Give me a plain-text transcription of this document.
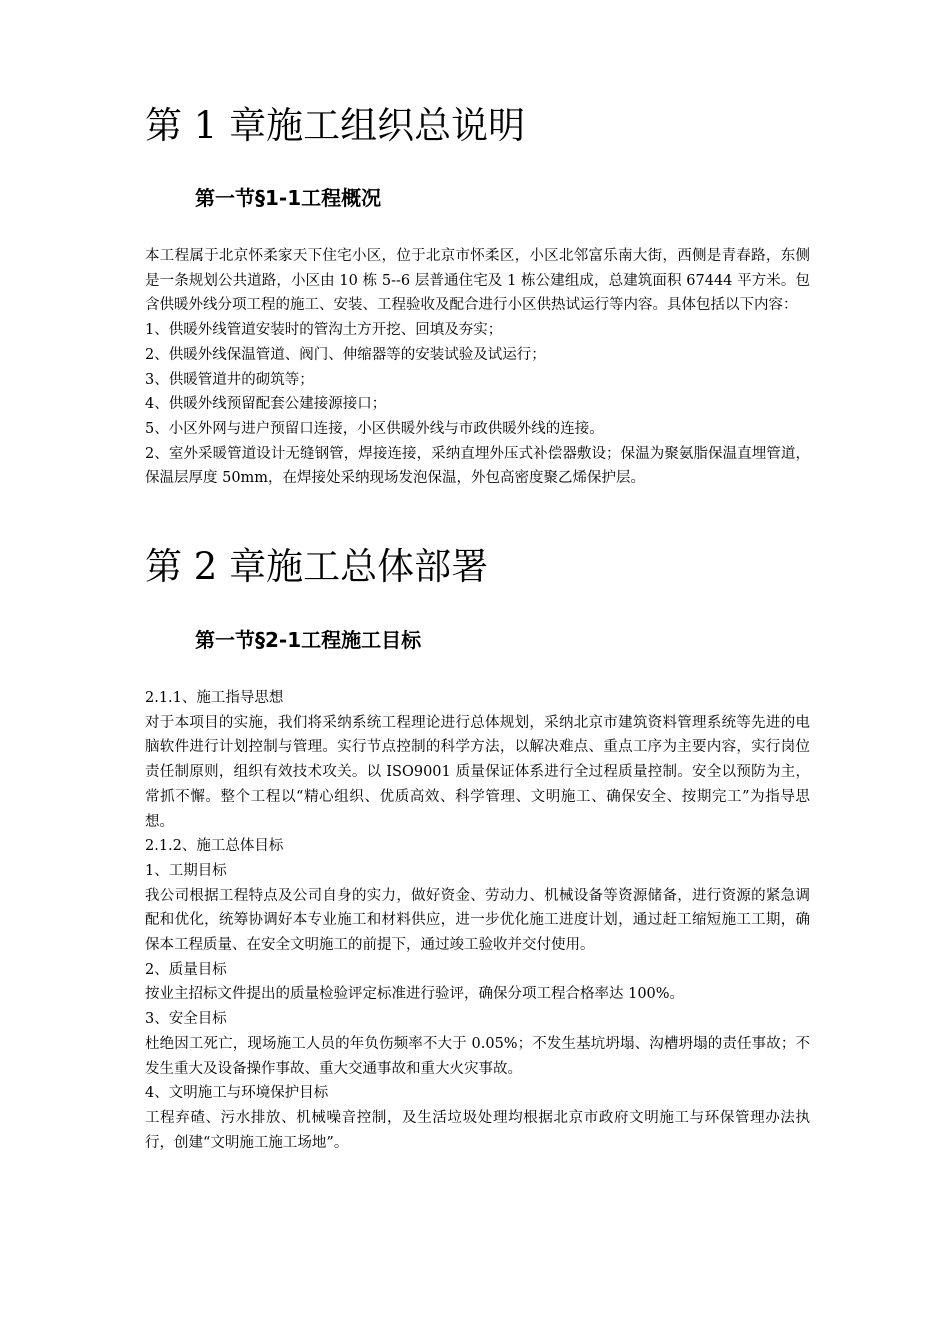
第 1 章施工组织总说明
第一节§1-1工程概况

本工程属于北京怀柔家天下住宅小区，位于北京市怀柔区，小区北邻富乐南大街，西侧是青春路，东侧是一条规划公共道路，小区由 10 栋 5--6 层普通住宅及 1 栋公建组成，总建筑面积 67444 平方米。包含供暖外线分项工程的施工、安装、工程验收及配合进行小区供热试运行等内容。具体包括以下内容：

1、供暖外线管道安装时的管沟土方开挖、回填及夯实；

2、供暖外线保温管道、阀门、伸缩器等的安装试验及试运行；

3、供暖管道井的砌筑等；

4、供暖外线预留配套公建接源接口；

5、小区外网与进户预留口连接，小区供暖外线与市政供暖外线的连接。

2、室外采暖管道设计无缝钢管，焊接连接，采纳直埋外压式补偿器敷设；保温为聚氨脂保温直埋管道，保温层厚度 50mm，在焊接处采纳现场发泡保温，外包高密度聚乙烯保护层。

第 2 章施工总体部署
第一节§2-1工程施工目标

2.1.1、施工指导思想

对于本项目的实施，我们将采纳系统工程理论进行总体规划，采纳北京市建筑资料管理系统等先进的电脑软件进行计划控制与管理。实行节点控制的科学方法，以解决难点、重点工序为主要内容，实行岗位责任制原则，组织有效技术攻关。以 ISO9001 质量保证体系进行全过程质量控制。安全以预防为主，常抓不懈。整个工程以“精心组织、优质高效、科学管理、文明施工、确保安全、按期完工”为指导思想。

2.1.2、施工总体目标

1、工期目标

我公司根据工程特点及公司自身的实力，做好资金、劳动力、机械设备等资源储备，进行资源的紧急调配和优化，统筹协调好本专业施工和材料供应，进一步优化施工进度计划，通过赶工缩短施工工期，确保本工程质量、在安全文明施工的前提下，通过竣工验收并交付使用。

2、质量目标

按业主招标文件提出的质量检验评定标准进行验评，确保分项工程合格率达 100%。

3、安全目标

杜绝因工死亡，现场施工人员的年负伤频率不大于 0.05%；不发生基坑坍塌、沟槽坍塌的责任事故；不发生重大及设备操作事故、重大交通事故和重大火灾事故。

4、文明施工与环境保护目标

工程弃碴、污水排放、机械噪音控制，及生活垃圾处理均根据北京市政府文明施工与环保管理办法执行，创建“文明施工施工场地”。
